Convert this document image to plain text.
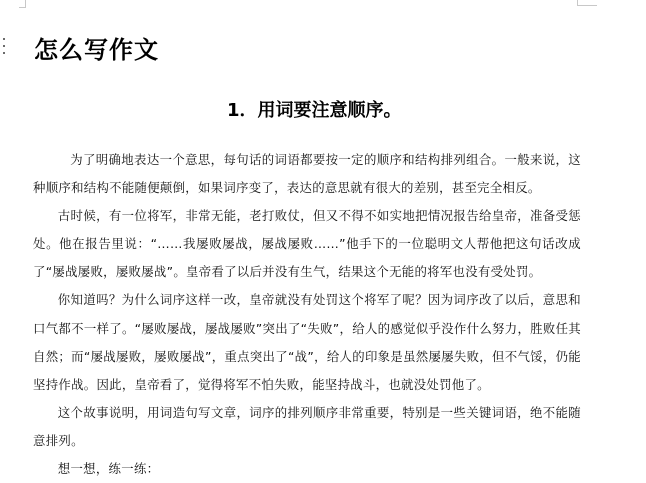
怎么写作文
1．用词要注意顺序。

为了明确地表达一个意思，每句话的词语都要按一定的顺序和结构排列组合。一般来说，这种顺序和结构不能随便颠倒，如果词序变了，表达的意思就有很大的差别，甚至完全相反。

古时候，有一位将军，非常无能，老打败仗，但又不得不如实地把情况报告给皇帝，准备受惩处。他在报告里说：“……我屡败屡战，屡战屡败……”他手下的一位聪明文人帮他把这句话改成了“屡战屡败，屡败屡战”。皇帝看了以后并没有生气，结果这个无能的将军也没有受处罚。

你知道吗？为什么词序这样一改，皇帝就没有处罚这个将军了呢？因为词序改了以后，意思和口气都不一样了。“屡败屡战，屡战屡败”突出了“失败”，给人的感觉似乎没作什么努力，胜败任其自然；而“屡战屡败，屡败屡战”，重点突出了“战”，给人的印象是虽然屡屡失败，但不气馁，仍能坚持作战。因此，皇帝看了，觉得将军不怕失败，能坚持战斗，也就没处罚他了。

这个故事说明，用词造句写文章，词序的排列顺序非常重要，特别是一些关键词语，绝不能随意排列。

想一想，练一练：
